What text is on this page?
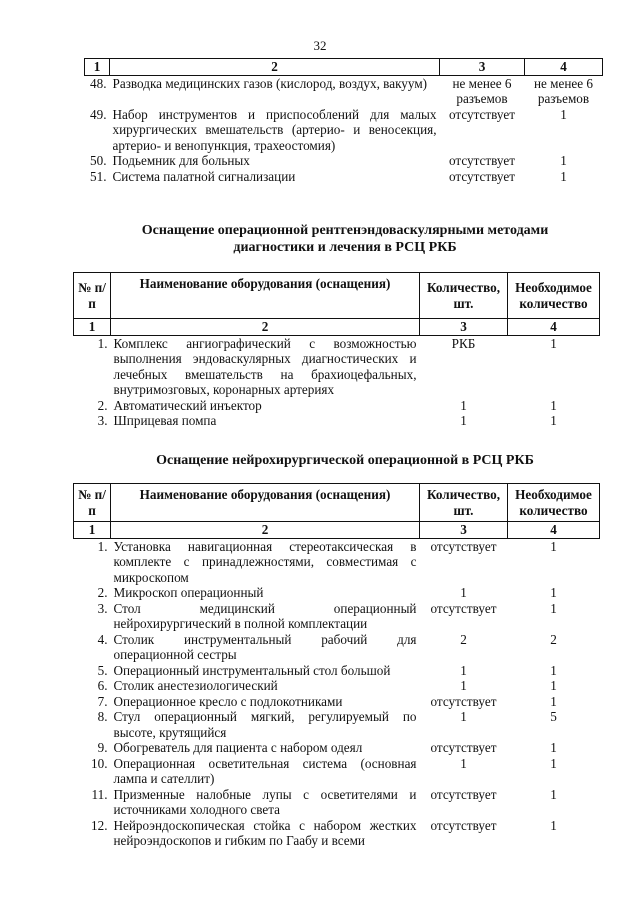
32
1	2	3	4
48.	Разводка медицинских газов (кислород, воздух, вакуум)	не менее 6 разъемов	не менее 6 разъемов
49.	Набор инструментов и приспособлений для малых хирургических вмешательств (артерио- и веносекция, артерио- и венопункция, трахеостомия)	отсутствует	1
50.	Подьемник для больных	отсутствует	1
51.	Система палатной сигнализации	отсутствует	1
Оснащение операционной рентгенэндоваскулярными методами диагностики и лечения в РСЦ РКБ
№ п/п	Наименование оборудования (оснащения)	Количество, шт.	Необходимое количество
1	2	3	4
1.	Комплекс ангиографический с возможностью выполнения эндоваскулярных диагностических и лечебных вмешательств на брахиоцефальных, внутримозговых, коронарных артериях	РКБ	1
2.	Автоматический инъектор	1	1
3.	Шприцевая помпа	1	1
Оснащение нейрохирургической операционной в РСЦ РКБ
№ п/п	Наименование оборудования (оснащения)	Количество, шт.	Необходимое количество
1	2	3	4
1.	Установка навигационная стереотаксическая в комплекте с принадлежностями, совместимая с микроскопом	отсутствует	1
2.	Микроскоп операционный	1	1
3.	Стол медицинский операционный нейрохирургический в полной комплектации	отсутствует	1
4.	Столик инструментальный рабочий для операционной сестры	2	2
5.	Операционный инструментальный стол большой	1	1
6.	Столик анестезиологический	1	1
7.	Операционное кресло с подлокотниками	отсутствует	1
8.	Стул операционный мягкий, регулируемый по высоте, крутящийся	1	5
9.	Обогреватель для пациента с набором одеял	отсутствует	1
10.	Операционная осветительная система (основная лампа и сателлит)	1	1
11.	Призменные налобные лупы с осветителями и источниками холодного света	отсутствует	1
12.	Нейроэндоскопическая стойка с набором жестких нейроэндоскопов и гибким по Гаабу и всеми	отсутствует	1
